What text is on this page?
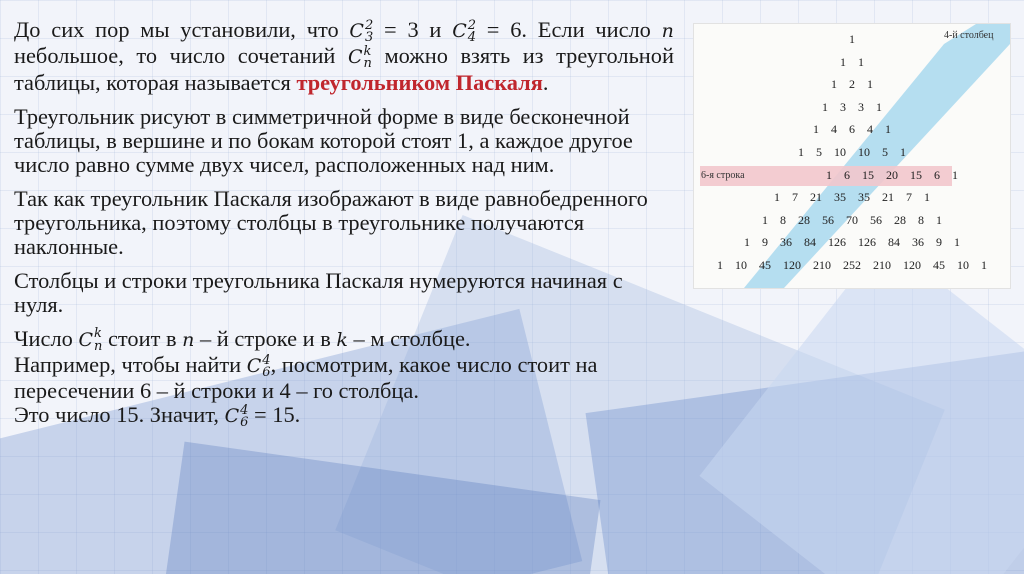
До сих пор мы установили, что C 2
3 = 3 и C 2
4 = 6. Если число n небольшое, то число сочетаний C k
n можно взять из треугольной таблицы, которая называется треугольником Паскаля.

Треугольник рисуют в симметричной форме в виде бесконечной таблицы, в вершине и по бокам которой стоят 1, а каждое другое число равно сумме двух чисел, расположенных над ним.

Так как треугольник Паскаля изображают в виде равнобедренного треугольника, поэтому столбцы в треугольнике получаются наклонные.

Столбцы и строки треугольника Паскаля нумеруются начиная с нуля.

Число C k
n стоит в n – й строке и в k – м столбце.
Например, чтобы найти C 4
6 , посмотрим, какое число стоит на пересечении 6 – й строки и 4 – го столбца.
Это число 15. Значит, C 4
6 = 15.

4-й столбец
6-я строка
1
1 1
1 2 1
1 3 3 1
1 4 6 4 1
1 5 10 10 5 1
1 6 15 20 15 6 1
1 7 21 35 35 21 7 1
1 8 28 56 70 56 28 8 1
1 9 36 84 126 126 84 36 9 1
1 10 45 120 210 252 210 120 45 10 1
